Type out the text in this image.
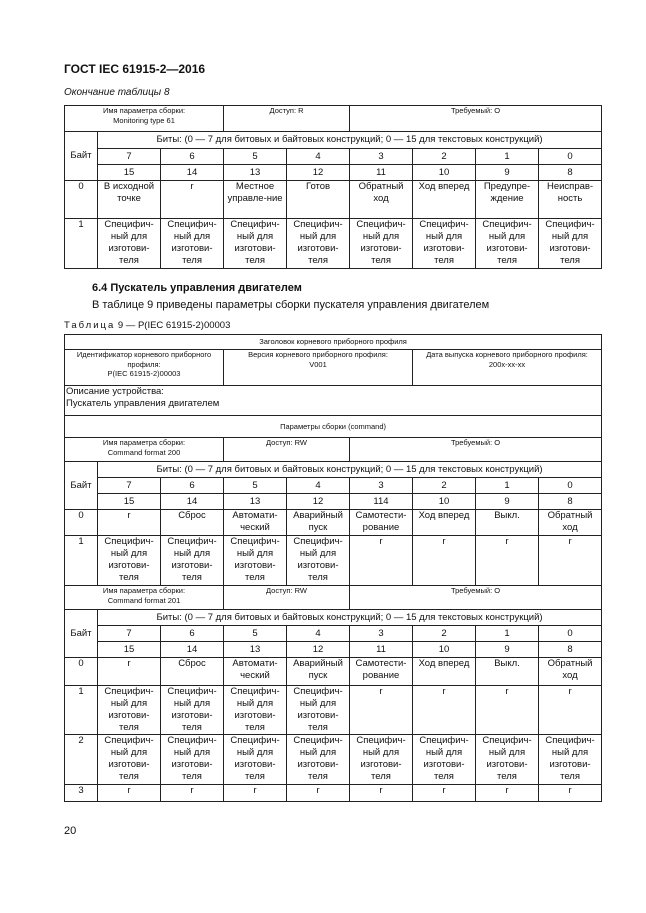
ГОСТ IEC 61915-2—2016
Окончание таблицы 8
Имя параметра сборки:
Monitoring type 61			Доступ: R		Требуемый: О			
Байт	Биты: (0 — 7 для битовых и байтовых конструкций; 0 — 15 для текстовых конструкций)							
	7	6	5	4	3	2	1	0
	15	14	13	12	11	10	9	8
0	В исходной точке	r	Местное управле-ние	Готов	Обратный ход	Ход вперед	Предупре-ждение	Неисправ-ность
1	Специфич-ный для изготови-теля	Специфич-ный для изготови-теля	Специфич-ный для изготови-теля	Специфич-ный для изготови-теля	Специфич-ный для изготови-теля	Специфич-ный для изготови-теля	Специфич-ный для изготови-теля	Специфич-ный для изготови-теля
6.4 Пускатель управления двигателем
В таблице 9 приведены параметры сборки пускателя управления двигателем
Таблица 9 — P(IEC 61915-2)00003
Заголовок корневого приборного профиля								
Идентификатор корневого приборного профиля:
P(IEC 61915-2)00003			Версия корневого приборного профиля:
V001			Дата выпуска корневого приборного профиля:
200x-xx-xx		
Описание устройства:
Пускатель управления двигателем								
Параметры сборки (command)								
Имя параметра сборки:
Command format 200			Доступ: RW		Требуемый: О			
Байт	Биты: (0 — 7 для битовых и байтовых конструкций; 0 — 15 для текстовых конструкций)							
	7	6	5	4	3	2	1	0
	15	14	13	12	114	10	9	8
0	r	Сброс	Автомати-ческий	Аварийный пуск	Самотести-рование	Ход вперед	Выкл.	Обратный ход
1	Специфич-ный для изготови-теля	Специфич-ный для изготови-теля	Специфич-ный для изготови-теля	Специфич-ный для изготови-теля	r	r	r	r
Имя параметра сборки:
Command format 201			Доступ: RW		Требуемый: О			
Байт	Биты: (0 — 7 для битовых и байтовых конструкций; 0 — 15 для текстовых конструкций)							
	7	6	5	4	3	2	1	0
	15	14	13	12	11	10	9	8
0	r	Сброс	Автомати-ческий	Аварийный пуск	Самотести-рование	Ход вперед	Выкл.	Обратный ход
1	Специфич-ный для изготови-теля	Специфич-ный для изготови-теля	Специфич-ный для изготови-теля	Специфич-ный для изготови-теля	r	r	r	r
2	Специфич-ный для изготови-теля	Специфич-ный для изготови-теля	Специфич-ный для изготови-теля	Специфич-ный для изготови-теля	Специфич-ный для изготови-теля	Специфич-ный для изготови-теля	Специфич-ный для изготови-теля	Специфич-ный для изготови-теля
3	r	r	r	r	r	r	r	r
20
